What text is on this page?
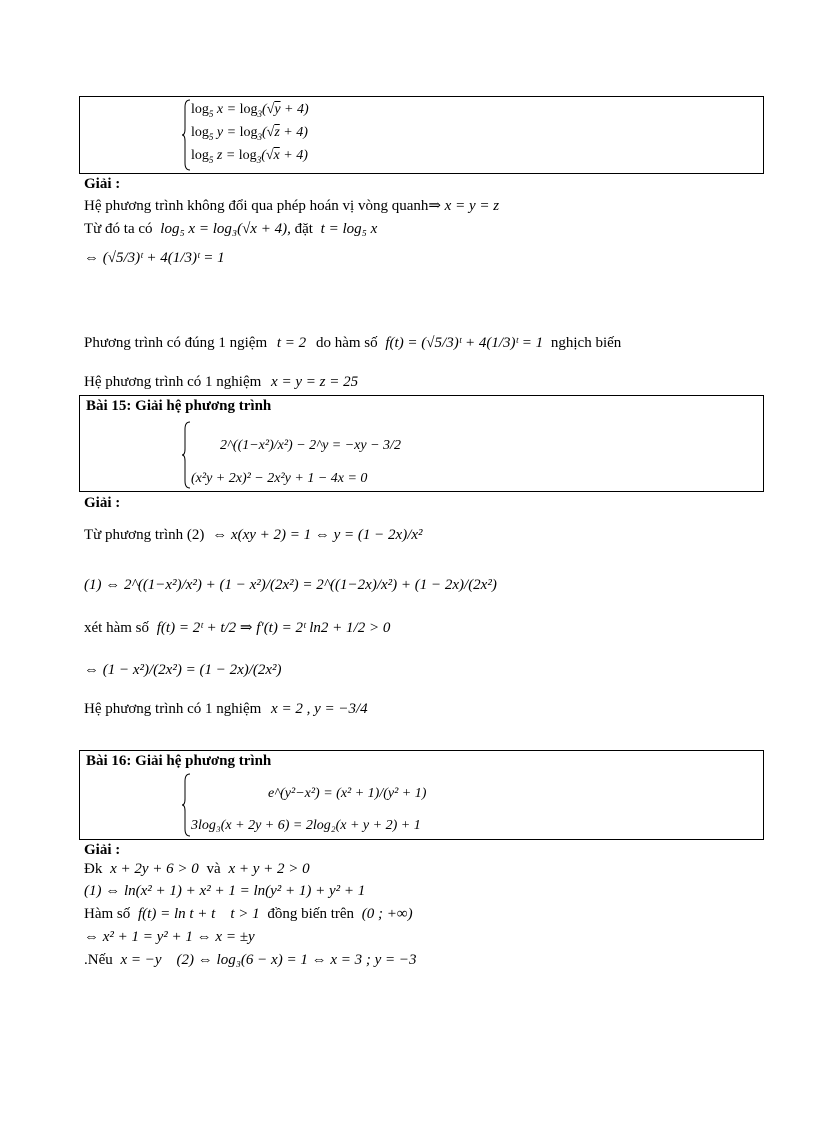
$\log_5 x = \log_3(√y + 4)$
$\log_5 y = \log_3(√z + 4)$
$\log_5 z = \log_3(√x + 4)$
Giải :
Hệ phương trình không đổi qua phép hoán vị vòng quanh⇒ x = y = z
Từ đó ta có log₅ x = log₃(√x + 4), đặt t = log₅ x
⇔ (√5/3)ᵗ + 4(1/3)ᵗ = 1
Phương trình có đúng 1 ngiệm t = 2 do hàm số f(t) = (√5/3)ᵗ + 4(1/3)ᵗ = 1 nghịch biến
Hệ phương trình có 1 nghiệm x = y = z = 25
Bài 15: Giải hệ phương trình
2^((1−x²)/x²) − 2^y = −xy − 3/2
(x²y + 2x)² − 2x²y + 1 − 4x = 0
Giải :
Từ phương trình (2) ⇔ x(xy + 2) = 1 ⇔ y = (1 − 2x)/x²
(1) ⇔ 2^((1−x²)/x²) + (1 − x²)/(2x²) = 2^((1−2x)/x²) + (1 − 2x)/(2x²)
xét hàm số f(t) = 2ᵗ + t/2 ⇒ f′(t) = 2ᵗ ln2 + 1/2 > 0
⇔ (1 − x²)/(2x²) = (1 − 2x)/(2x²)
Hệ phương trình có 1 nghiệm x = 2 , y = −3/4
Bài 16: Giải hệ phương trình
e^(y²−x²) = (x² + 1)/(y² + 1)
3log₃(x + 2y + 6) = 2log₂(x + y + 2) + 1
Giải :
Đk x + 2y + 6 > 0 và x + y + 2 > 0
(1) ⇔ ln(x² + 1) + x² + 1 = ln(y² + 1) + y² + 1
Hàm số f(t) = ln t + t    t > 1 đồng biến trên (0 ; +∞)
⇔ x² + 1 = y² + 1 ⇔ x = ±y
.Nếu x = −y    (2) ⇔ log₃(6 − x) = 1 ⇔ x = 3 ; y = −3
